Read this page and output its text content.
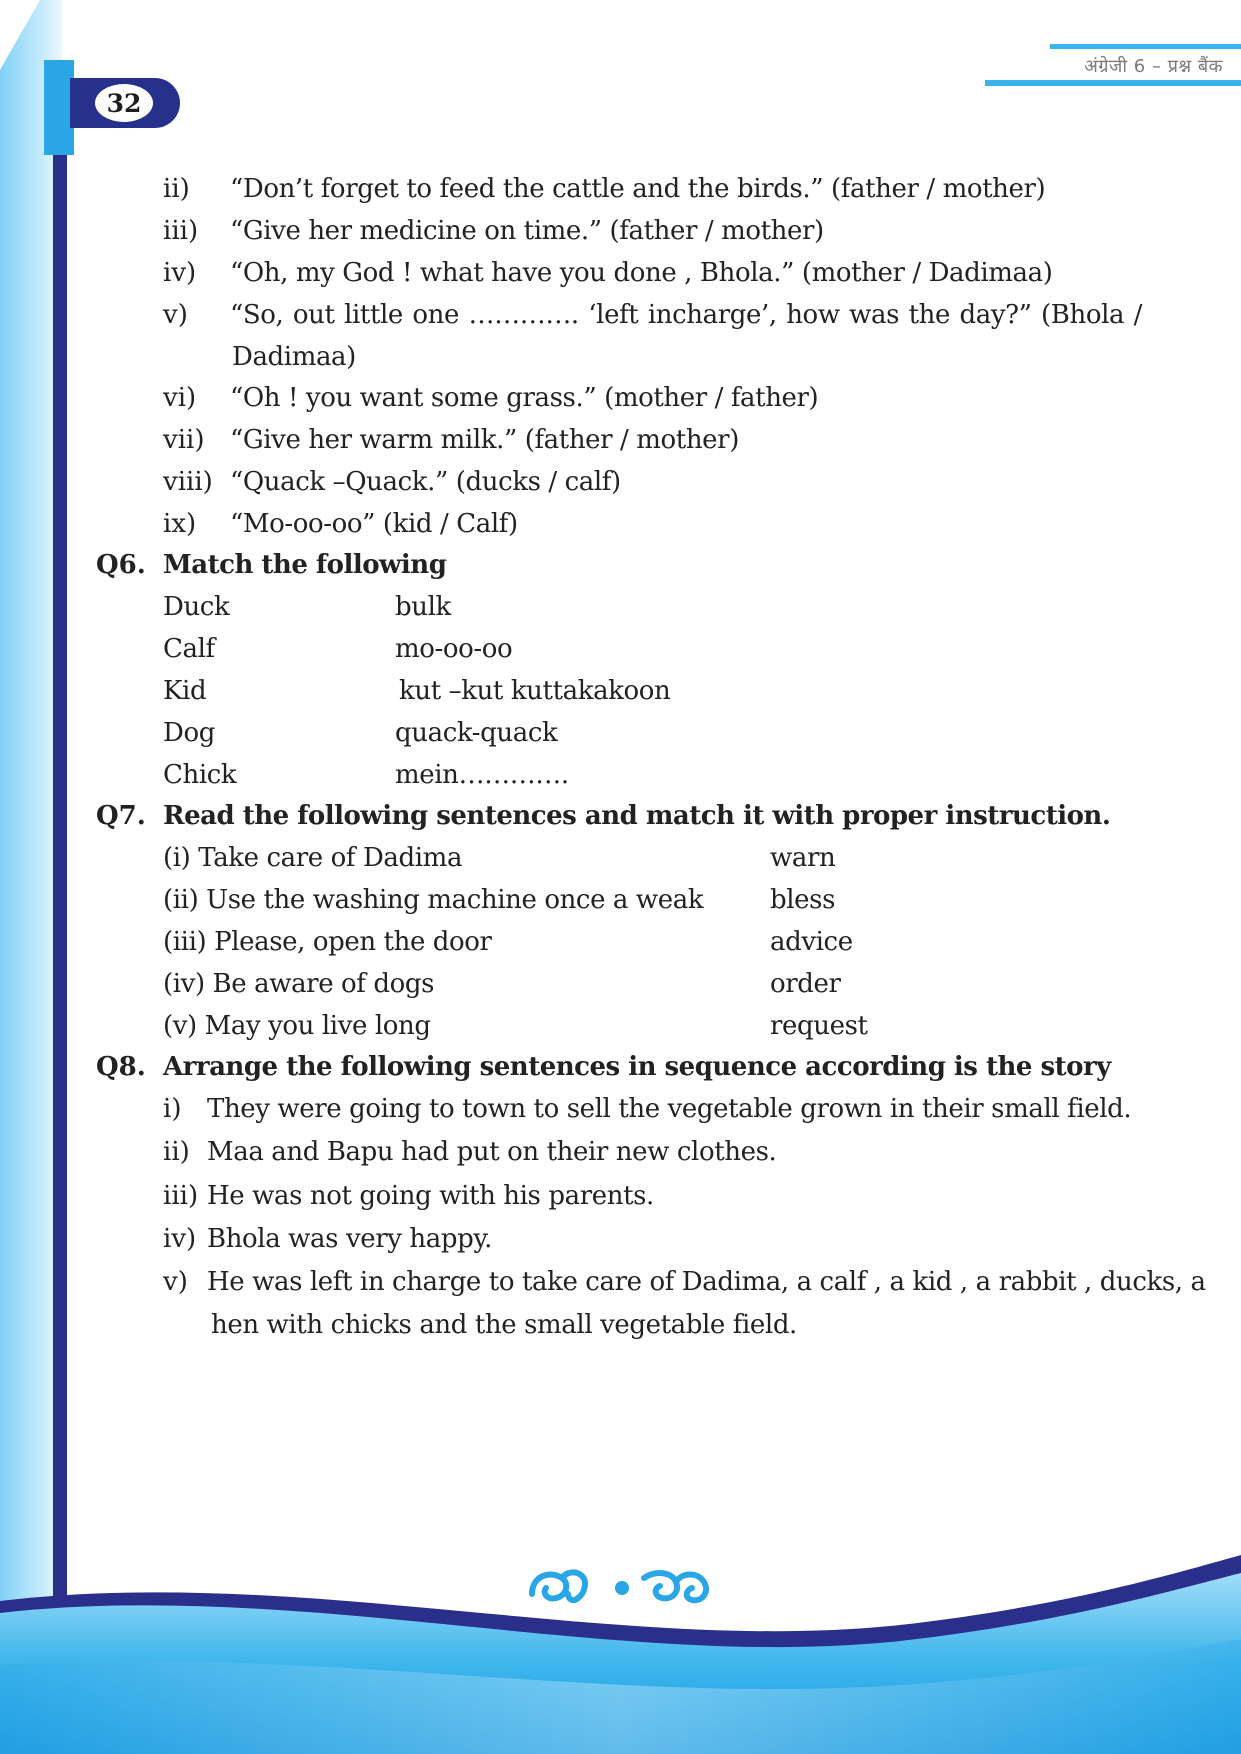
32
अंग्रेजी 6 – प्रश्न बैंक
ii) “Don’t forget to feed the cattle and the birds.” (father / mother)
iii) “Give her medicine on time.” (father / mother)
iv) “Oh, my God ! what have you done , Bhola.” (mother / Dadimaa)
v) “So, out little one …………. ‘left incharge’, how was the day?” (Bhola /
Dadimaa)
vi) “Oh ! you want some grass.” (mother / father)
vii) “Give her warm milk.” (father / mother)
viii) “Quack –Quack.” (ducks / calf)
ix) “Mo-oo-oo” (kid / Calf)
Q6. Match the following
Duck	bulk
Calf	mo-oo-oo
Kid	kut –kut kuttakakoon
Dog	quack-quack
Chick	mein………….
Q7. Read the following sentences and match it with proper instruction.
(i) Take care of Dadima	warn
(ii) Use the washing machine once a weak	bless
(iii) Please, open the door	advice
(iv) Be aware of dogs	order
(v) May you live long	request
Q8. Arrange the following sentences in sequence according is the story
i) They were going to town to sell the vegetable grown in their small field.
ii) Maa and Bapu had put on their new clothes.
iii) He was not going with his parents.
iv) Bhola was very happy.
v) He was left in charge to take care of Dadima, a calf , a kid , a rabbit , ducks, a
hen with chicks and the small vegetable field.
